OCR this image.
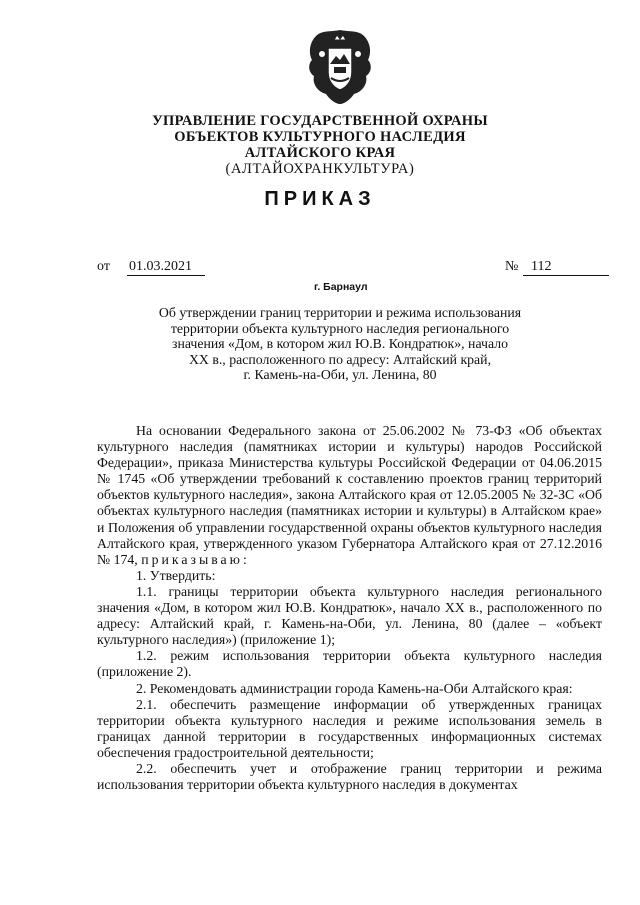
УПРАВЛЕНИЕ ГОСУДАРСТВЕННОЙ ОХРАНЫ
ОБЪЕКТОВ КУЛЬТУРНОГО НАСЛЕДИЯ
АЛТАЙСКОГО КРАЯ
(АЛТАЙОХРАНКУЛЬТУРА)
ПРИКАЗ
от 01.03.2021	№ 112
г. Барнаул
Об утверждении границ территории и режима использования
территории объекта культурного наследия регионального
значения «Дом, в котором жил Ю.В. Кондратюк», начало
XX в., расположенного по адресу: Алтайский край,
г. Камень-на-Оби, ул. Ленина, 80

На основании Федерального закона от 25.06.2002 № 73-ФЗ «Об объектах культурного наследия (памятниках истории и культуры) народов Российской Федерации», приказа Министерства культуры Российской Федерации от 04.06.2015 № 1745 «Об утверждении требований к составлению проектов границ территорий объектов культурного наследия», закона Алтайского края от 12.05.2005 № 32-ЗС «Об объектах культурного наследия (памятниках истории и культуры) в Алтайском крае» и Положения об управлении государственной охраны объектов культурного наследия Алтайского края, утвержденного указом Губернатора Алтайского края от 27.12.2016 № 174, приказываю:

1. Утвердить:

1.1. границы территории объекта культурного наследия регионального значения «Дом, в котором жил Ю.В. Кондратюк», начало XX в., расположенного по адресу: Алтайский край, г. Камень-на-Оби, ул. Ленина, 80 (далее – «объект культурного наследия») (приложение 1);

1.2. режим использования территории объекта культурного наследия (приложение 2).

2. Рекомендовать администрации города Камень-на-Оби Алтайского края:

2.1. обеспечить размещение информации об утвержденных границах территории объекта культурного наследия и режиме использования земель в границах данной территории в государственных информационных системах обеспечения градостроительной деятельности;

2.2. обеспечить учет и отображение границ территории и режима использования территории объекта культурного наследия в документах
